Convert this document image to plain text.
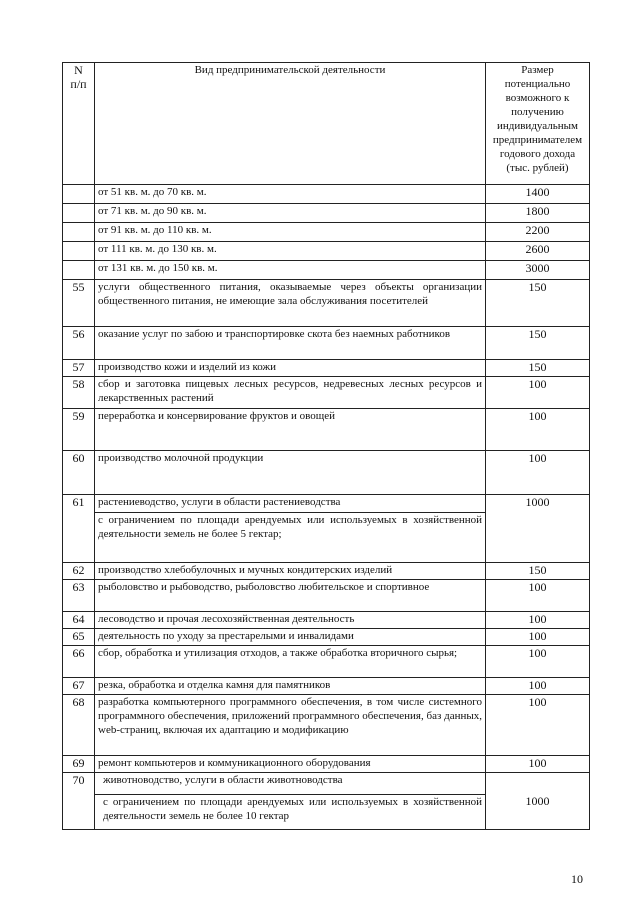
N
п/п	Вид предпринимательской деятельности	Размер потенциально возможного к получению индивидуальным предпринимателем годового дохода (тыс. рублей)
	от 51 кв. м. до 70 кв. м.	1400
	от 71 кв. м. до 90 кв. м.	1800
	от 91 кв. м. до 110 кв. м.	2200
	от 111 кв. м. до 130 кв. м.	2600
	от 131 кв. м. до 150 кв. м.	3000
55	услуги общественного питания, оказываемые через объекты организации общественного питания, не имеющие зала обслуживания посетителей	150
56	оказание услуг по забою и транспортировке скота без наемных работников	150
57	производство кожи и изделий из кожи	150
58	сбор и заготовка пищевых лесных ресурсов, недревесных лесных ресурсов и лекарственных растений	100
59	переработка и консервирование фруктов и овощей	100
60	производство молочной продукции	100
61	растениеводство, услуги в области растениеводства	1000
	с ограничением по площади арендуемых или используемых в хозяйственной деятельности земель не более 5 гектар;	
62	производство хлебобулочных и мучных кондитерских изделий	150
63	рыболовство и рыбоводство, рыболовство любительское и спортивное	100
64	лесоводство и прочая лесохозяйственная деятельность	100
65	деятельность по уходу за престарелыми и инвалидами	100
66	сбор, обработка и утилизация отходов, а также обработка вторичного сырья;	100
67	резка, обработка и отделка камня для памятников	100
68	разработка компьютерного программного обеспечения, в том числе системного программного обеспечения, приложений программного обеспечения, баз данных, web-страниц, включая их адаптацию и модификацию	100
69	ремонт компьютеров и коммуникационного оборудования	100
70	животноводство, услуги в области животноводства	1000
	с ограничением по площади арендуемых или используемых в хозяйственной деятельности земель не более 10 гектар	
10
